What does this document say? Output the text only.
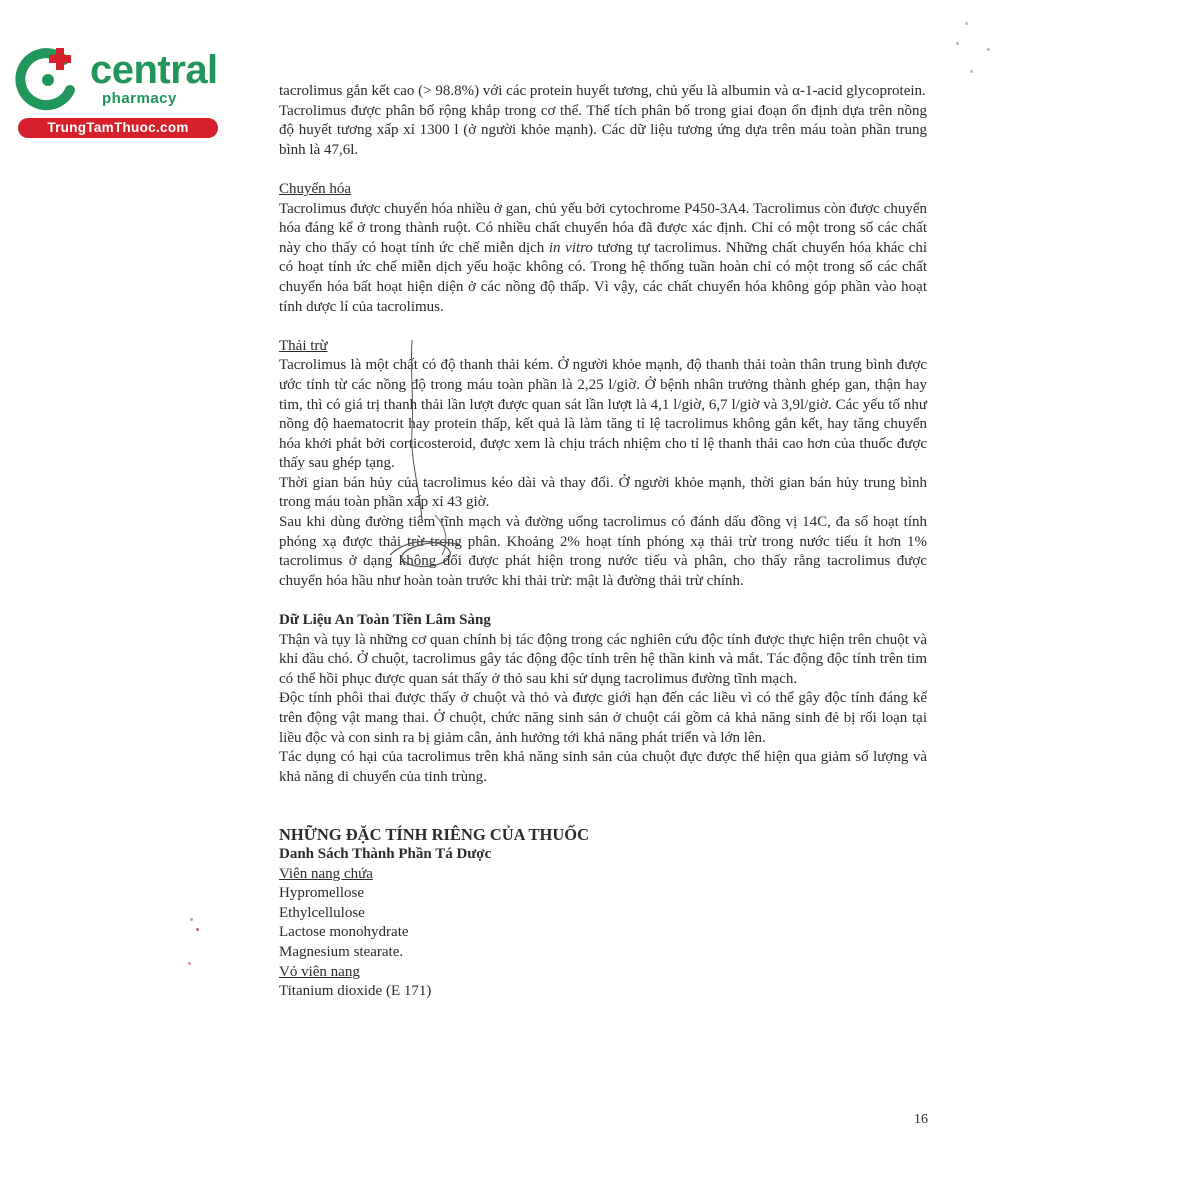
central
pharmacy
TrungTamThuoc.com

tacrolimus gắn kết cao (> 98.8%) với các protein huyết tương, chủ yếu là albumin và α-1-acid glycoprotein.

Tacrolimus được phân bố rộng khắp trong cơ thể. Thể tích phân bố trong giai đoạn ổn định dựa trên nồng độ huyết tương xấp xỉ 1300 l (ở người khỏe mạnh). Các dữ liệu tương ứng dựa trên máu toàn phần trung bình là 47,6l.

Chuyển hóa

Tacrolimus được chuyển hóa nhiều ở gan, chủ yếu bởi cytochrome P450-3A4. Tacrolimus còn được chuyển hóa đáng kể ở trong thành ruột. Có nhiều chất chuyển hóa đã được xác định. Chỉ có một trong số các chất này cho thấy có hoạt tính ức chế miễn dịch in vitro tương tự tacrolimus. Những chất chuyển hóa khác chỉ có hoạt tính ức chế miễn dịch yếu hoặc không có. Trong hệ thống tuần hoàn chỉ có một trong số các chất chuyển hóa bất hoạt hiện diện ở các nồng độ thấp. Vì vậy, các chất chuyển hóa không góp phần vào hoạt tính dược lí của tacrolimus.

Thải trừ

Tacrolimus là một chất có độ thanh thải kém. Ở người khỏe mạnh, độ thanh thải toàn thân trung bình được ước tính từ các nồng độ trong máu toàn phần là 2,25 l/giờ. Ở bệnh nhân trưởng thành ghép gan, thận hay tim, thì có giá trị thanh thải lần lượt được quan sát lần lượt là 4,1 l/giờ, 6,7 l/giờ và 3,9l/giờ. Các yếu tố như nồng độ haematocrit hay protein thấp, kết quả là làm tăng tỉ lệ tacrolimus không gắn kết, hay tăng chuyển hóa khởi phát bởi corticosteroid, được xem là chịu trách nhiệm cho tỉ lệ thanh thải cao hơn của thuốc được thấy sau ghép tạng.

Thời gian bán hủy của tacrolimus kéo dài và thay đổi. Ở người khỏe mạnh, thời gian bán hủy trung bình trong máu toàn phần xấp xỉ 43 giờ.

Sau khi dùng đường tiêm tĩnh mạch và đường uống tacrolimus có đánh dấu đồng vị 14C, đa số hoạt tính phóng xạ được thải trừ trong phân. Khoảng 2% hoạt tính phóng xạ thải trừ trong nước tiểu ít hơn 1% tacrolimus ở dạng không đổi được phát hiện trong nước tiểu và phân, cho thấy rằng tacrolimus được chuyển hóa hầu như hoàn toàn trước khi thải trừ: mật là đường thải trừ chính.

Dữ Liệu An Toàn Tiền Lâm Sàng

Thận và tụy là những cơ quan chính bị tác động trong các nghiên cứu độc tính được thực hiện trên chuột và khỉ đầu chó. Ở chuột, tacrolimus gây tác động độc tính trên hệ thần kinh và mắt. Tác động độc tính trên tim có thể hồi phục được quan sát thấy ở thỏ sau khi sử dụng tacrolimus đường tĩnh mạch.

Độc tính phôi thai được thấy ở chuột và thỏ và được giới hạn đến các liều vì có thể gây độc tính đáng kể trên động vật mang thai. Ở chuột, chức năng sinh sản ở chuột cái gồm cả khả năng sinh đẻ bị rối loạn tại liều độc và con sinh ra bị giảm cân, ảnh hưởng tới khả năng phát triển và lớn lên.

Tác dụng có hại của tacrolimus trên khả năng sinh sản của chuột đực được thể hiện qua giảm số lượng và khả năng di chuyển của tinh trùng.

NHỮNG ĐẶC TÍNH RIÊNG CỦA THUỐC

Danh Sách Thành Phần Tá Dược

Viên nang chứa

Hypromellose

Ethylcellulose

Lactose monohydrate

Magnesium stearate.

Vỏ viên nang

Titanium dioxide (E 171)

16
